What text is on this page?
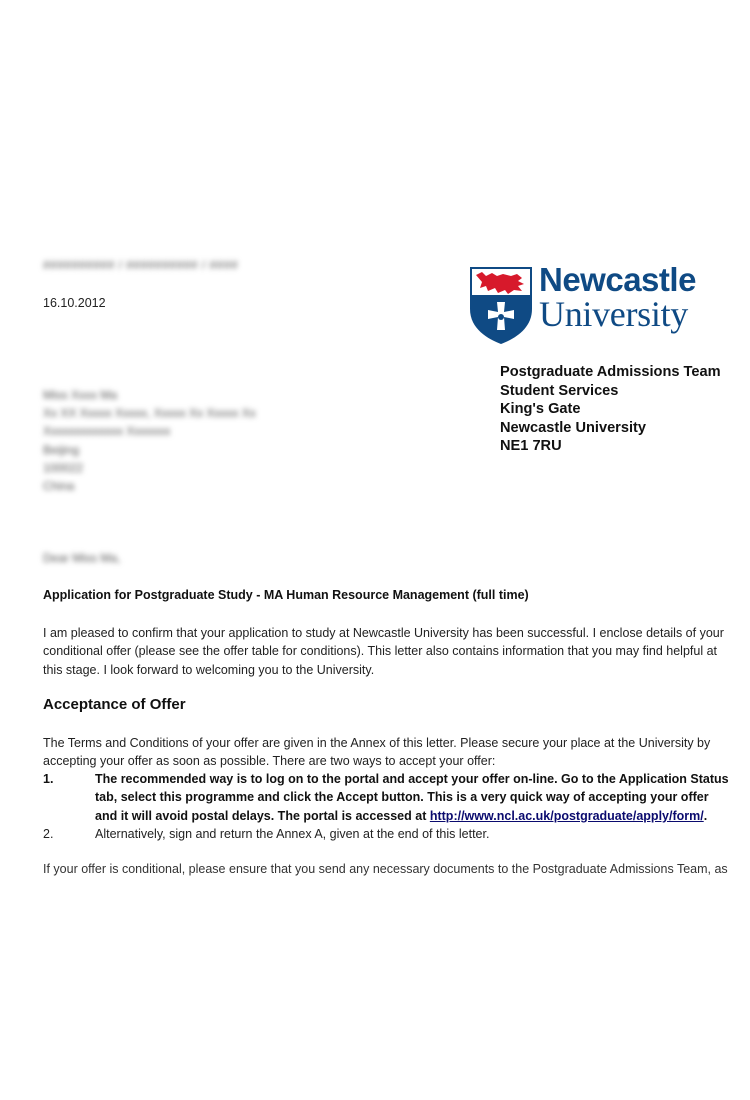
########## / ########## / ####
16.10.2012
Newcastle
University
Postgraduate Admissions Team
Student Services
King's Gate
Newcastle University
NE1 7RU
Miss Xxxx Ma
Xx XX Xxxxx Xxxxx, Xxxxx Xx Xxxxx Xx
Xxxxxxxxxxxxx Xxxxxxx
Beijing
100022
China
Dear Miss Ma,
Application for Postgraduate Study - MA Human Resource Management (full time)
I am pleased to confirm that your application to study at Newcastle University has been successful. I enclose details of your conditional offer (please see the offer table for conditions). This letter also contains information that you may find helpful at this stage. I look forward to welcoming you to the University.
Acceptance of Offer
The Terms and Conditions of your offer are given in the Annex of this letter. Please secure your place at the University by accepting your offer as soon as possible. There are two ways to accept your offer:
1.	The recommended way is to log on to the portal and accept your offer on-line. Go to the Application Status tab, select this programme and click the Accept button. This is a very quick way of accepting your offer and it will avoid postal delays. The portal is accessed at http://www.ncl.ac.uk/postgraduate/apply/form/.
2.	Alternatively, sign and return the Annex A, given at the end of this letter.
If your offer is conditional, please ensure that you send any necessary documents to the Postgraduate Admissions Team, as
